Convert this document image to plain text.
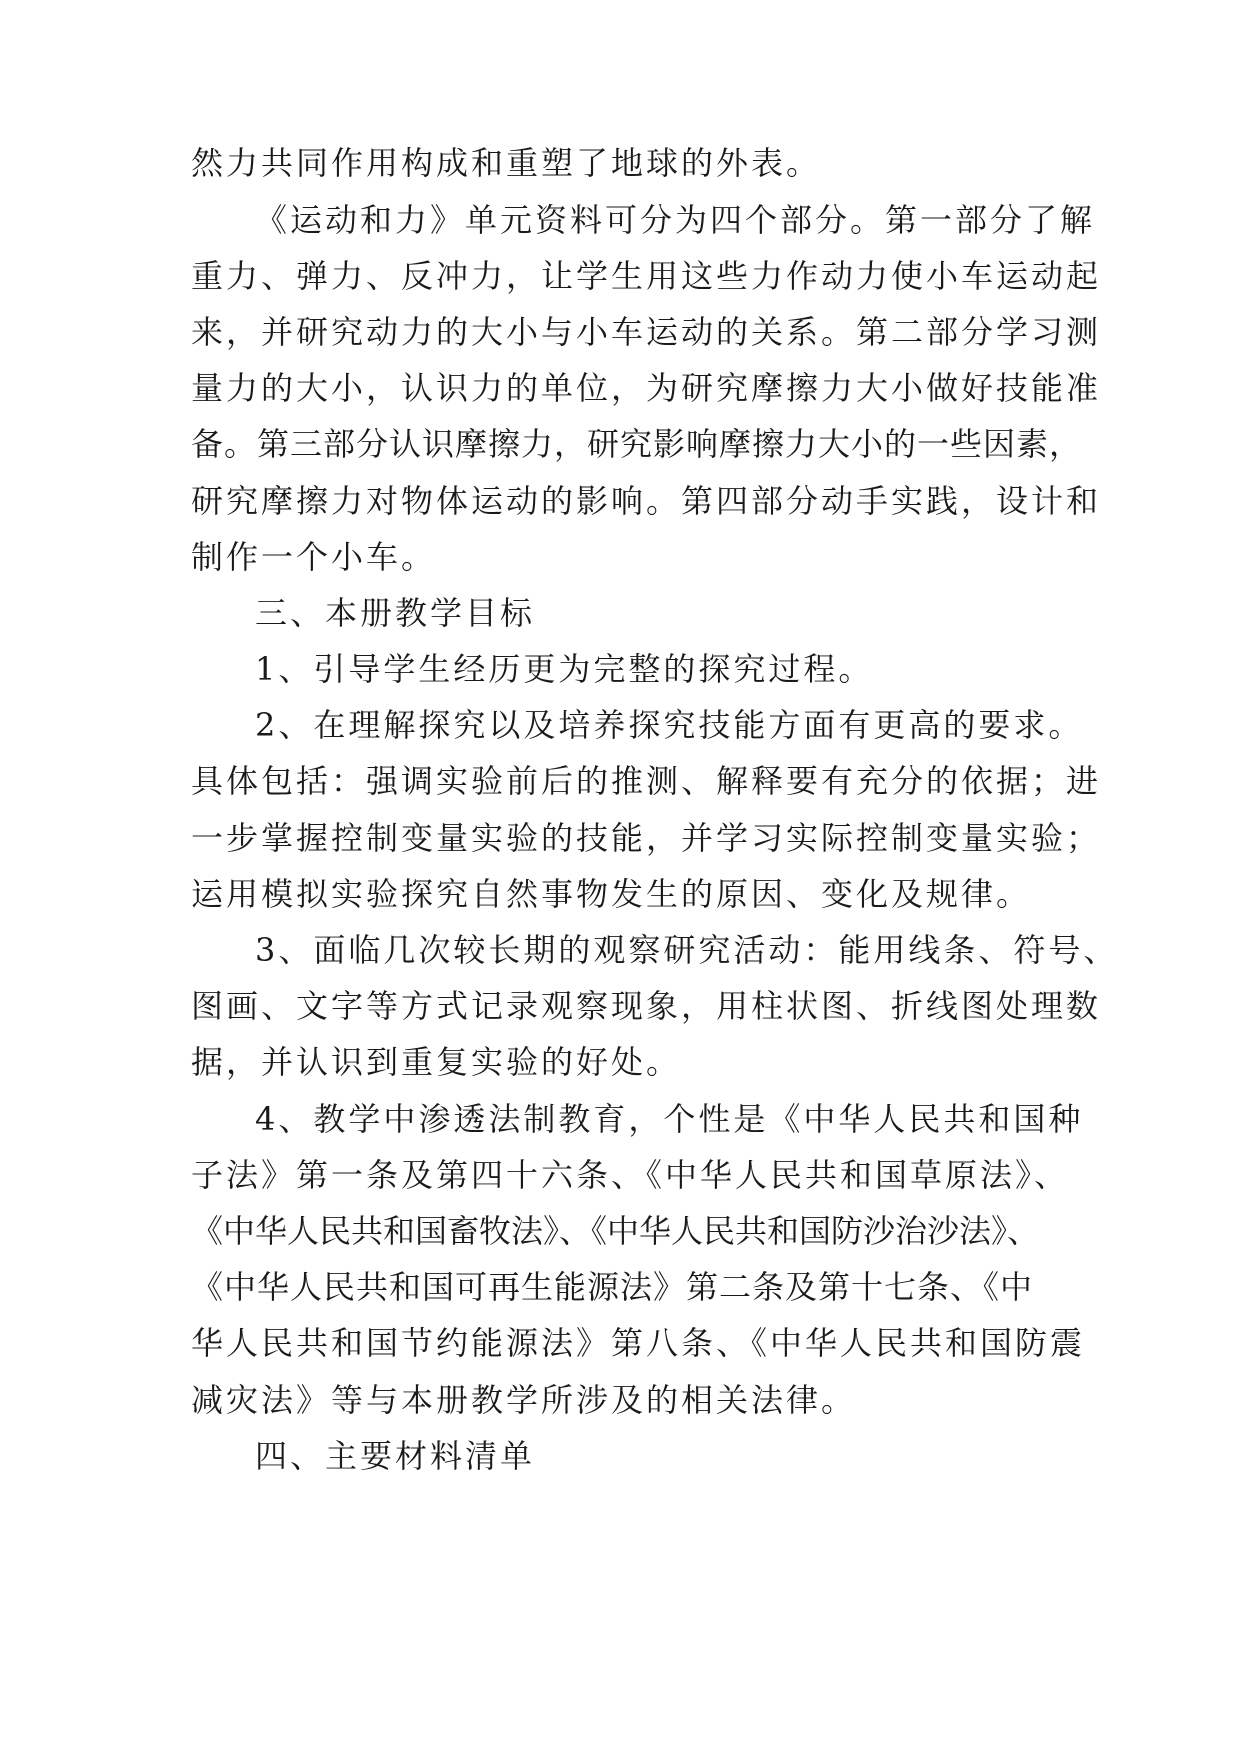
然力共同作用构成和重塑了地球的外表。
《运动和力》单元资料可分为四个部分。第一部分了解
重力、弹力、反冲力，让学生用这些力作动力使小车运动起
来，并研究动力的大小与小车运动的关系。第二部分学习测
量力的大小，认识力的单位，为研究摩擦力大小做好技能准
备。第三部分认识摩擦力，研究影响摩擦力大小的一些因素，
研究摩擦力对物体运动的影响。第四部分动手实践，设计和
制作一个小车。
三、本册教学目标
1、引导学生经历更为完整的探究过程。
2、在理解探究以及培养探究技能方面有更高的要求。
具体包括：强调实验前后的推测、解释要有充分的依据；进
一步掌握控制变量实验的技能，并学习实际控制变量实验；
运用模拟实验探究自然事物发生的原因、变化及规律。
3、面临几次较长期的观察研究活动：能用线条、符号、
图画、文字等方式记录观察现象，用柱状图、折线图处理数
据，并认识到重复实验的好处。
4、教学中渗透法制教育，个性是《中华人民共和国种
子法》第一条及第四十六条、《中华人民共和国草原法》、
《中华人民共和国畜牧法》、《中华人民共和国防沙治沙法》、
《中华人民共和国可再生能源法》第二条及第十七条、《中
华人民共和国节约能源法》第八条、《中华人民共和国防震
减灾法》等与本册教学所涉及的相关法律。
四、主要材料清单
